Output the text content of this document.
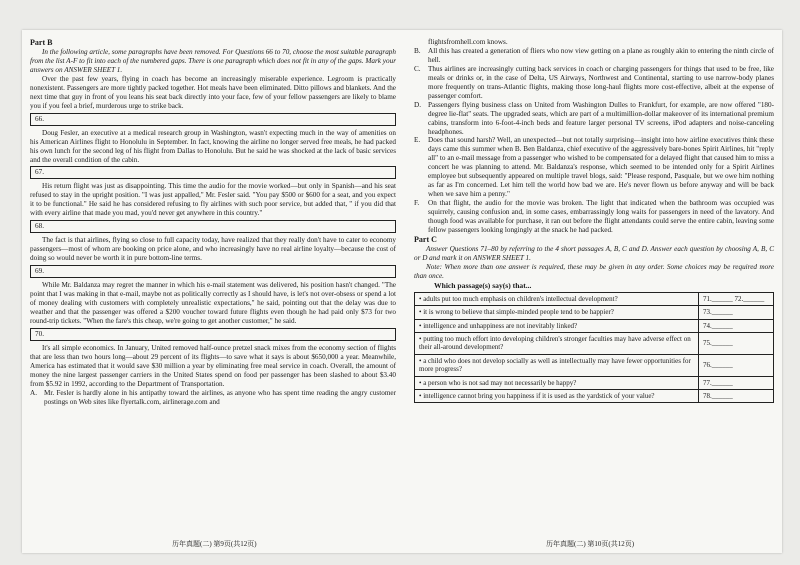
Part B

In the following article, some paragraphs have been removed. For Questions 66 to 70, choose the most suitable paragraph from the list A-F to fit into each of the numbered gaps. There is one paragraph which does not fit in any of the gaps. Mark your answers on ANSWER SHEET 1.

Over the past few years, flying in coach has become an increasingly miserable experience. Legroom is practically nonexistent. Passengers are more tightly packed together. Hot meals have been eliminated. Ditto pillows and blankets. And the next time that guy in front of you leans his seat back directly into your face, few of your fellow passengers are likely to blame you if you feel a brief, murderous urge to strike back.

66.

Doug Fesler, an executive at a medical research group in Washington, wasn't expecting much in the way of amenities on his American Airlines flight to Honolulu in September. In fact, knowing the airline no longer served free meals, he had packed his own lunch for the second leg of his flight from Dallas to Honolulu. But he said he was shocked at the lack of basic services and the overall condition of the cabin.

67.

His return flight was just as disappointing. This time the audio for the movie worked—but only in Spanish—and his seat refused to stay in the upright position. "I was just appalled," Mr. Fesler said. "You pay $500 or $600 for a seat, and you expect it to be functional." He said he has considered refusing to fly airlines with such poor service, but added that, " if you did that with every airline that made you mad, you'd never get anywhere in this country."

68.

The fact is that airlines, flying so close to full capacity today, have realized that they really don't have to cater to economy passengers—most of whom are booking on price alone, and who increasingly have no real airline loyalty—because the cost of doing so would never be worth it in pure bottom-line terms.

69.

While Mr. Baldanza may regret the manner in which his e-mail statement was delivered, his position hasn't changed. "The point that I was making in that e-mail, maybe not as politically correctly as I should have, is let's not over-obsess or spend a lot of money dealing with customers with completely unrealistic expectations," he said, pointing out that the delay was due to weather and that the passenger was offered a $200 voucher toward future flights even though he had paid only $73 for two round-trip tickets. "When the fare's this cheap, we're going to get another customer," he said.

70.

It's all simple economics. In January, United removed half-ounce pretzel snack mixes from the economy section of flights that are less than two hours long—about 29 percent of its flights—to save what it says is about $650,000 a year. Meanwhile, America has estimated that it would save $30 million a year by eliminating free meal service in coach. Overall, the amount of money the nine largest passenger carriers in the United States spend on food per passenger has been slashed to about $3.40 from $5.92 in 1992, according to the Department of Transportation.

A. Mr. Fesler is hardly alone in his antipathy toward the airlines, as anyone who has spent time reading the angry customer postings on Web sites like flyertalk.com, airlinerage.com and

flightsfromhell.com knows.

B.	All this has created a generation of fliers who now view getting on a plane as roughly akin to entering the ninth circle of hell.
C.	Thus airlines are increasingly cutting back services in coach or charging passengers for things that used to be free, like meals or drinks or, in the case of Delta, US Airways, Northwest and Continental, starting to use narrow-body planes more frequently on trans-Atlantic flights, making those long-haul flights more cost-effective, albeit at the expense of passenger comfort.
D. Passengers flying business class on United from Washington Dulles to Frankfurt, for example, are now offered "180-degree lie-flat" seats. The upgraded seats, which are part of a multimillion-dollar makeover of its international premium cabins, transform into 6-foot-4-inch beds and feature larger personal TV screens, iPod adapters and noise-canceling headphones.
E.	Does that sound harsh? Well, an unexpected—but not totally surprising—insight into how airline executives think these days came this summer when B. Ben Baldanza, chief executive of the aggressively bare-bones Spirit Airlines, hit "reply all" to an e-mail message from a passenger who wished to be compensated for a delayed flight that caused him to miss a concert he was planning to attend. Mr. Baldanza's response, which seemed to be intended only for a Spirit Airlines employee but subsequently appeared on multiple travel blogs, said: "Please respond, Pasquale, but we owe him nothing as far as I'm concerned. Let him tell the world how bad we are. He's never flown us before anyway and will be back when we save him a penny."
F.	On that flight, the audio for the movie was broken. The light that indicated when the bathroom was occupied was squirrely, causing confusion and, in some cases, embarrassingly long waits for passengers in need of the lavatory. And though food was available for purchase, it ran out before the flight attendants could serve the entire cabin, leaving some fellow passengers looking longingly at the snack he had packed.

Part C

Answer Questions 71–80 by referring to the 4 short passages A, B, C and D. Answer each question by choosing A, B, C or D and mark it on ANSWER SHEET 1.

Note: When more than one answer is required, these may be given in any order. Some choices may be required more than once.

Which passage(s) say(s) that...

• adults put too much emphasis on children's intellectual development?	71.______ 72.______
• it is wrong to believe that simple-minded people tend to be happier?	73.______
• intelligence and unhappiness are not inevitably linked?	74.______
• putting too much effort into developing children's stronger faculties may have adverse effect on their all-around development?	75.______
• a child who does not develop socially as well as intellectually may have fewer opportunities for more progress?	76.______
• a person who is not sad may not necessarily be happy?	77.______
• intelligence cannot bring you happiness if it is used as the yardstick of your value?	78.______
历年真题(二) 第9页(共12页)	历年真题(二) 第10页(共12页)
